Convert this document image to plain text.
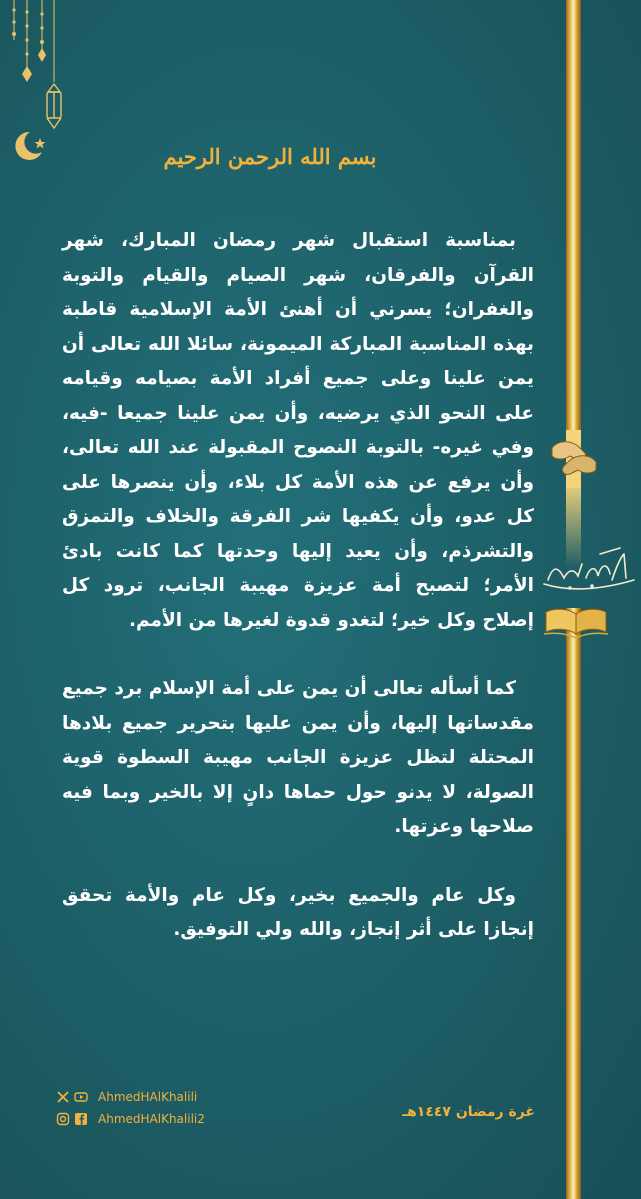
بسم الله الرحمن الرحيم

بمناسبة استقبال شهر رمضان المبارك، شهر القرآن والفرقان، شهر الصيام والقيام والتوبة والغفران؛ يسرني أن أهنئ الأمة الإسلامية قاطبة بهذه المناسبة المباركة الميمونة، سائلا الله تعالى أن يمن علينا وعلى جميع أفراد الأمة بصيامه وقيامه على النحو الذي يرضيه، وأن يمن علينا جميعا -فيه، وفي غيره- بالتوبة النصوح المقبولة عند الله تعالى، وأن يرفع عن هذه الأمة كل بلاء، وأن ينصرها على كل عدو، وأن يكفيها شر الفرقة والخلاف والتمزق والتشرذم، وأن يعيد إليها وحدتها كما كانت بادئ الأمر؛ لتصبح أمة عزيزة مهيبة الجانب، ترود كل إصلاح وكل خير؛ لتغدو قدوة لغيرها من الأمم.

كما أسأله تعالى أن يمن على أمة الإسلام برد جميع مقدساتها إليها، وأن يمن عليها بتحرير جميع بلادها المحتلة لتظل عزيزة الجانب مهيبة السطوة قوية الصولة، لا يدنو حول حماها دانٍ إلا بالخير وبما فيه صلاحها وعزتها.

وكل عام والجميع بخير، وكل عام والأمة تحقق إنجازا على أثر إنجاز، والله ولي التوفيق.

AhmedHAlKhalili
AhmedHAlKhalili2	غرة رمضان ١٤٤٧هـ
